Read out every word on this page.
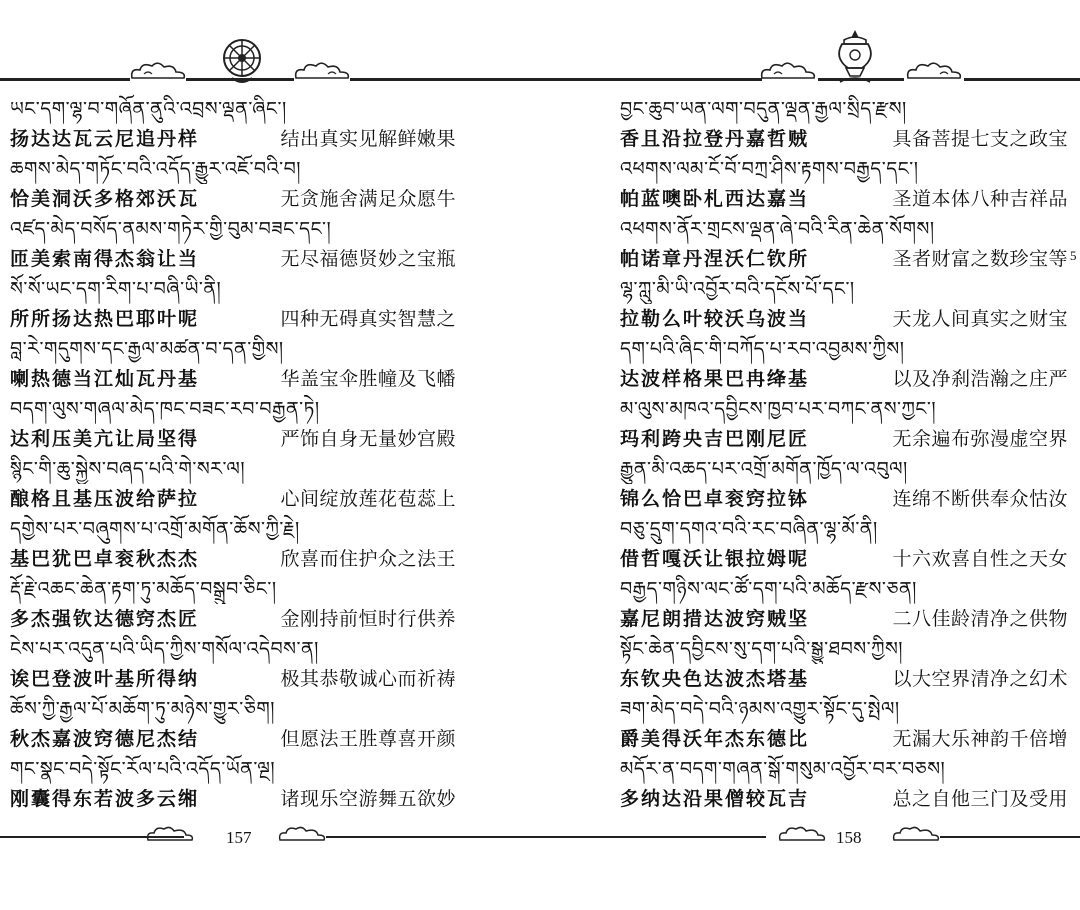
ཡང་དག་ལྷ་བ་གཞོན་ནུའི་འབྲས་ལྡན་ཞིང་།
扬达达瓦云尼追丹样	结出真实见解鲜嫩果
ཆགས་མེད་གཏོང་བའི་འདོད་རྒྱུར་འཇོ་བའི་བ།
恰美洞沃多格郊沃瓦	无贪施舍满足众愿牛
འཛད་མེད་བསོད་ནམས་གཏེར་གྱི་བུམ་བཟང་དང་།
匝美索南得杰翁让当	无尽福德贤妙之宝瓶
སོ་སོ་ཡང་དག་རིག་པ་བཞི་ཡི་ནི།
所所扬达热巴耶叶呢	四种无碍真实智慧之
བླ་རེ་གདུགས་དང་རྒྱལ་མཚན་བ་དན་གྱིས།
喇热德当江灿瓦丹基	华盖宝伞胜幢及飞幡
བདག་ལུས་གཞལ་མེད་ཁང་བཟང་རབ་བརྒྱན་ཏེ།
达利压美亢让局坚得	严饰自身无量妙宫殿
སྙིང་གི་ཆུ་སྐྱེས་བཞད་པའི་གེ་སར་ལ།
酿格且基压波给萨拉	心间绽放莲花苞蕊上
དགྱེས་པར་བཞུགས་པ་འགྲོ་མགོན་ཆོས་ཀྱི་རྗེ།
基巴犹巴卓衮秋杰杰	欣喜而住护众之法王
རྡོ་རྗེ་འཆང་ཆེན་རྟག་ཏུ་མཆོད་བསྒྲུབ་ཅིང་།
多杰强钦达德窍杰匠	金刚持前恒时行供养
ངེས་པར་འདུན་པའི་ཡིད་ཀྱིས་གསོལ་འདེབས་ན།
诶巴登波叶基所得纳	极其恭敬诚心而祈祷
ཆོས་ཀྱི་རྒྱལ་པོ་མཆོག་ཏུ་མཉེས་གྱུར་ཅིག།
秋杰嘉波窍德尼杰结	但愿法王胜尊喜开颜
གང་སྣང་བདེ་སྟོང་རོལ་པའི་འདོད་ཡོན་ལྔ།
刚囊得东若波多云缃	诸现乐空游舞五欲妙
157
5
བྱང་ཆུབ་ཡན་ལག་བདུན་ལྡན་རྒྱལ་སྲིད་རྫས།
香且沿拉登丹嘉哲贼	具备菩提七支之政宝
འཕགས་ལམ་ངོ་བོ་བཀྲ་ཤིས་རྟགས་བརྒྱད་དང་།
帕蓝噢卧札西达嘉当	圣道本体八种吉祥品
འཕགས་ནོར་གྲངས་ལྡན་ཞེ་བའི་རིན་ཆེན་སོགས།
帕诺章丹涅沃仁钦所	圣者财富之数珍宝等
ལྷ་ཀླུ་མི་ཡི་འབྱོར་བའི་དངོས་པོ་དང་།
拉勒么叶较沃乌波当	天龙人间真实之财宝
དག་པའི་ཞིང་གི་བཀོད་པ་རབ་འབྱམས་ཀྱིས།
达波样格果巴冉绛基	以及净刹浩瀚之庄严
མ་ལུས་མཁའ་དབྱིངས་ཁྱབ་པར་བཀང་ནས་ཀྱང་།
玛利跨央吉巴刚尼匠	无余遍布弥漫虚空界
རྒྱུན་མི་འཆད་པར་འགྲོ་མགོན་ཁྱོད་ལ་འབུལ།
锦么恰巴卓衮窍拉钵	连绵不断供奉众怙汝
བཅུ་དྲུག་དགའ་བའི་རང་བཞིན་ལྷ་མོ་ནི།
借哲嘎沃让银拉姆呢	十六欢喜自性之天女
བརྒྱད་གཉིས་ལང་ཚོ་དག་པའི་མཆོད་རྫས་ཅན།
嘉尼朗措达波窍贼坚	二八佳龄清净之供物
སྟོང་ཆེན་དབྱིངས་སུ་དག་པའི་སྒྱུ་ཐབས་ཀྱིས།
东钦央色达波杰塔基	以大空界清净之幻术
ཟག་མེད་བདེ་བའི་ཉམས་འགྱུར་སྟོང་དུ་སྤེལ།
爵美得沃年杰东德比	无漏大乐神韵千倍增
མདོར་ན་བདག་གཞན་སྒོ་གསུམ་འབྱོར་བར་བཅས།
多纳达沿果僧较瓦吉	总之自他三门及受用
158
